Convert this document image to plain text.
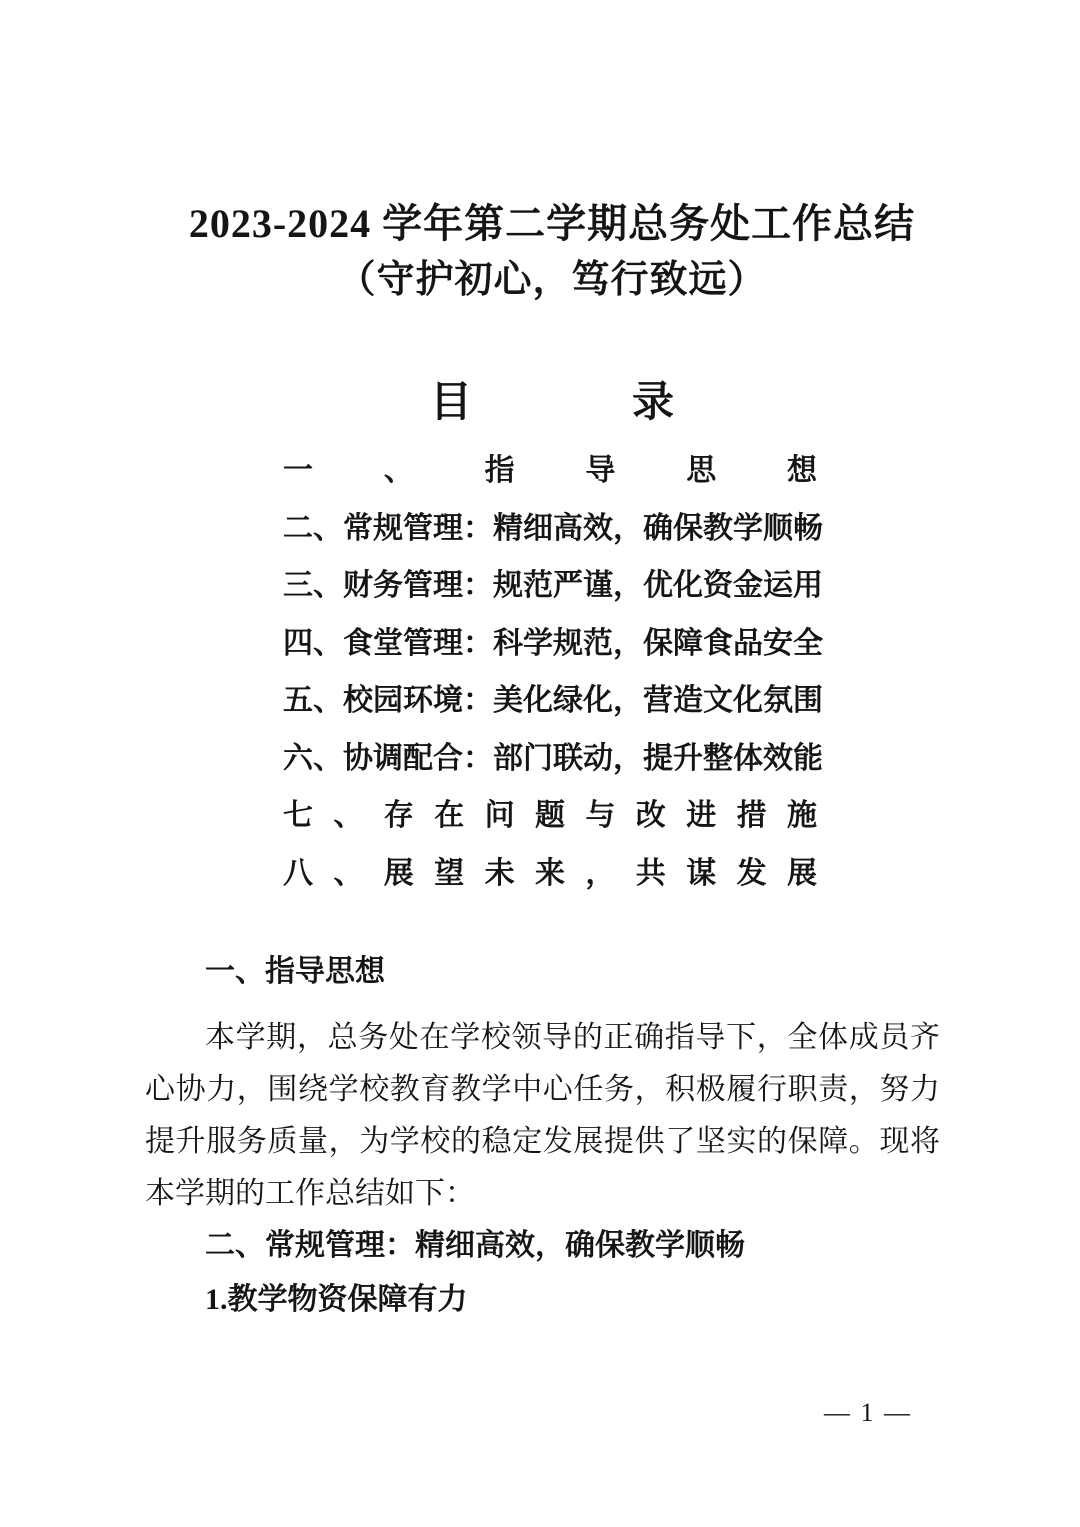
2023-2024 学年第二学期总务处工作总结
（守护初心，笃行致远）
目	录
一、指导思想
二、常规管理：精细高效，确保教学顺畅
三、财务管理：规范严谨，优化资金运用
四、食堂管理：科学规范，保障食品安全
五、校园环境：美化绿化，营造文化氛围
六、协调配合：部门联动，提升整体效能
七、存在问题与改进措施
八、展望未来，共谋发展
一、指导思想

本学期，总务处在学校领导的正确指导下，全体成员齐心协力，围绕学校教育教学中心任务，积极履行职责，努力提升服务质量，为学校的稳定发展提供了坚实的保障。现将本学期的工作总结如下：

二、常规管理：精细高效，确保教学顺畅
1.教学物资保障有力
— 1 —
